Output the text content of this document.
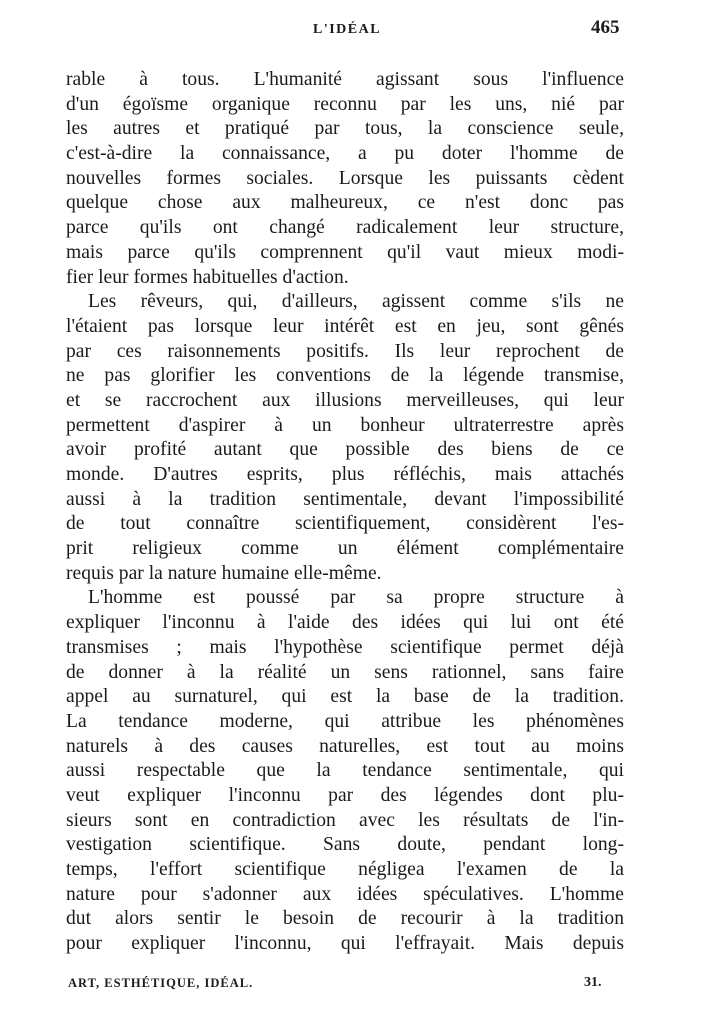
L'IDÉAL	465
rable à tous. L'humanité agissant sous l'influence
d'un égoïsme organique reconnu par les uns, nié par
les autres et pratiqué par tous, la conscience seule,
c'est-à-dire la connaissance, a pu doter l'homme de
nouvelles formes sociales. Lorsque les puissants cèdent
quelque chose aux malheureux, ce n'est donc pas
parce qu'ils ont changé radicalement leur structure,
mais parce qu'ils comprennent qu'il vaut mieux modi-
fier leur formes habituelles d'action.
Les rêveurs, qui, d'ailleurs, agissent comme s'ils ne
l'étaient pas lorsque leur intérêt est en jeu, sont gênés
par ces raisonnements positifs. Ils leur reprochent de
ne pas glorifier les conventions de la légende transmise,
et se raccrochent aux illusions merveilleuses, qui leur
permettent d'aspirer à un bonheur ultraterrestre après
avoir profité autant que possible des biens de ce
monde. D'autres esprits, plus réfléchis, mais attachés
aussi à la tradition sentimentale, devant l'impossibilité
de tout connaître scientifiquement, considèrent l'es-
prit religieux comme un élément complémentaire
requis par la nature humaine elle-même.
L'homme est poussé par sa propre structure à
expliquer l'inconnu à l'aide des idées qui lui ont été
transmises ; mais l'hypothèse scientifique permet déjà
de donner à la réalité un sens rationnel, sans faire
appel au surnaturel, qui est la base de la tradition.
La tendance moderne, qui attribue les phénomènes
naturels à des causes naturelles, est tout au moins
aussi respectable que la tendance sentimentale, qui
veut expliquer l'inconnu par des légendes dont plu-
sieurs sont en contradiction avec les résultats de l'in-
vestigation scientifique. Sans doute, pendant long-
temps, l'effort scientifique négligea l'examen de la
nature pour s'adonner aux idées spéculatives. L'homme
dut alors sentir le besoin de recourir à la tradition
pour expliquer l'inconnu, qui l'effrayait. Mais depuis
ART, ESTHÉTIQUE, IDÉAL.	31.
